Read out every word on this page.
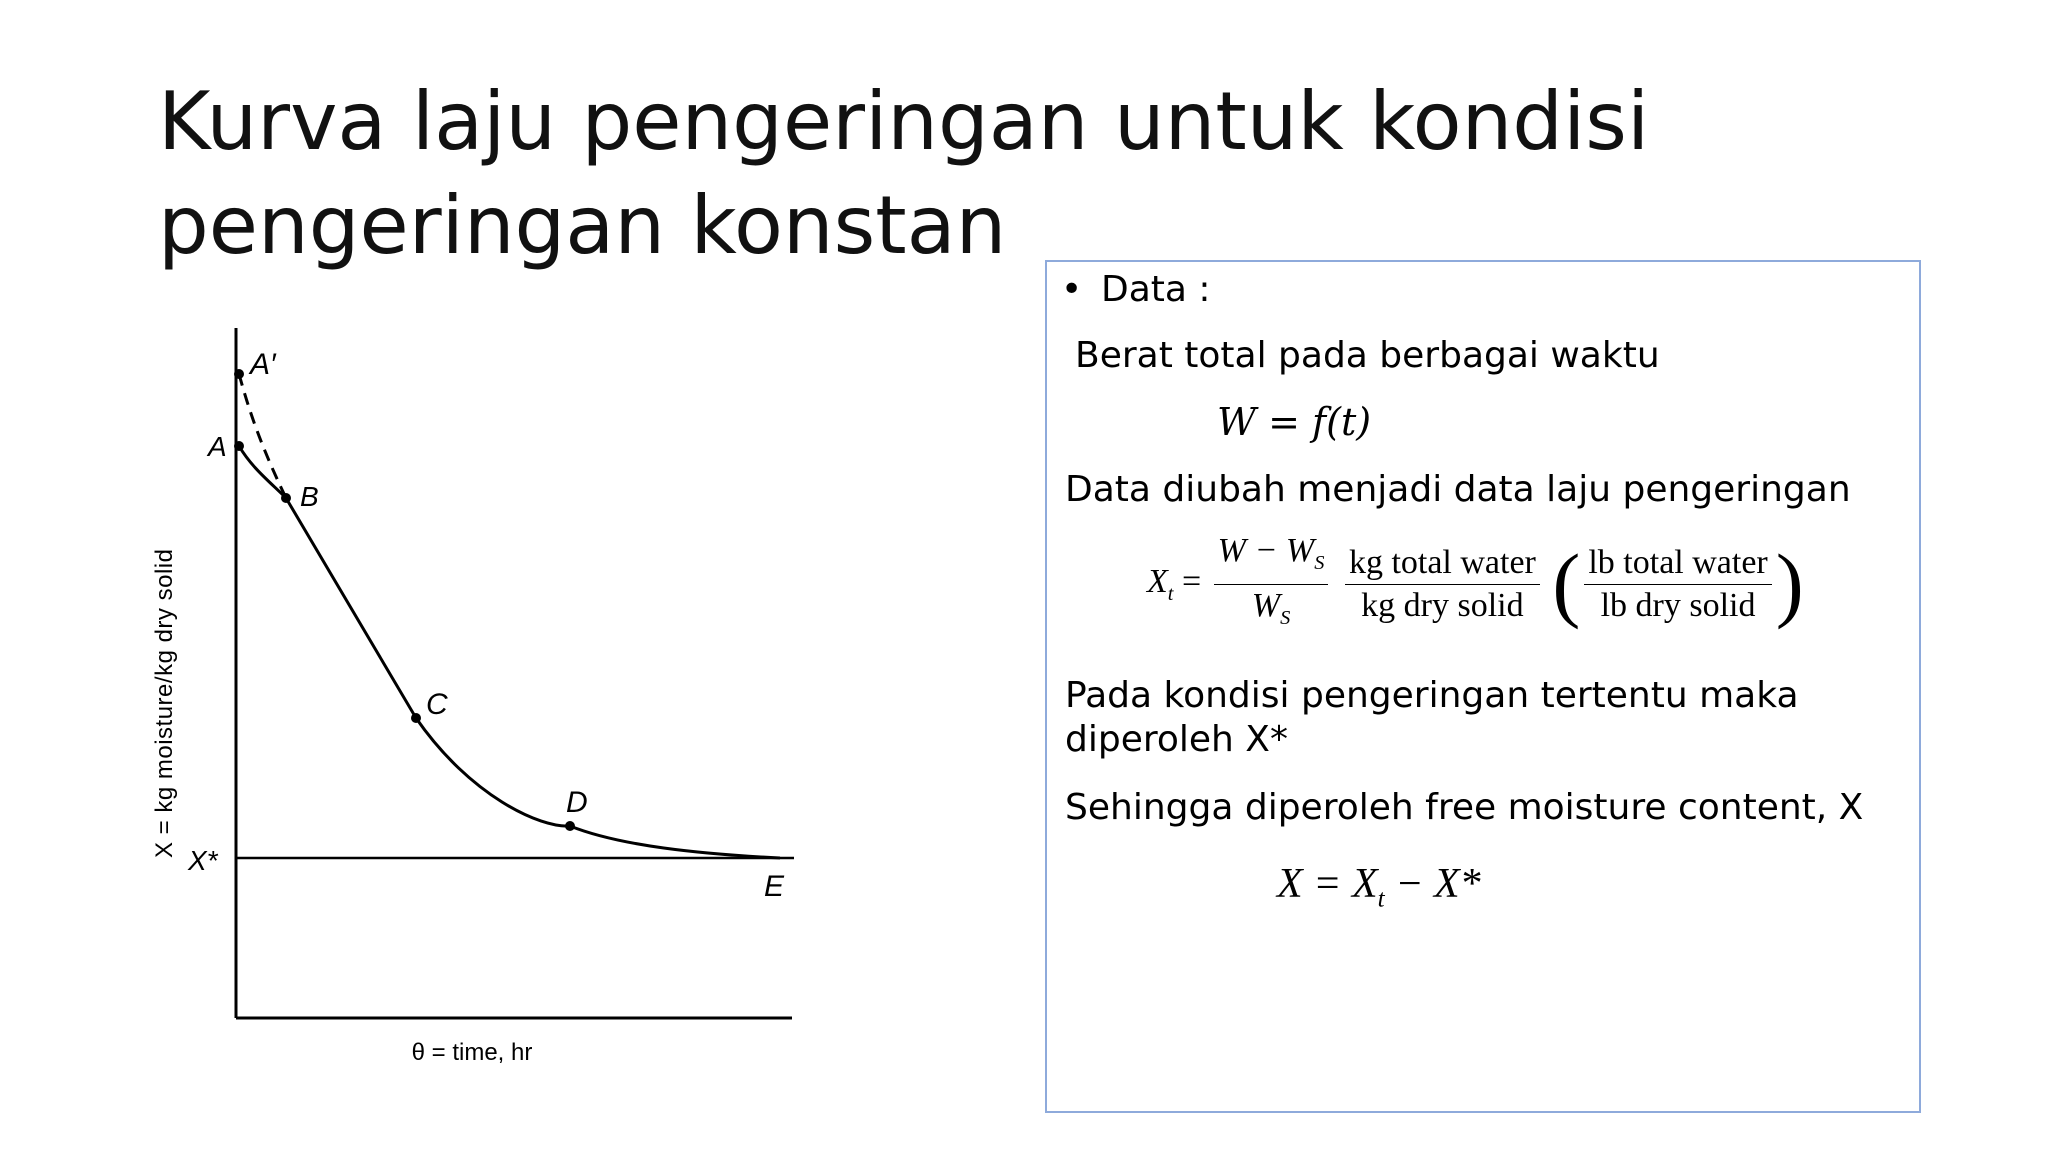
Kurva laju pengeringan untuk kondisi
pengeringan konstan
A′
A
B
C
D
E
X*
X = kg moisture/kg dry solid
θ = time, hr
• Data :
Berat total pada berbagai waktu
W = f(t)
Data diubah menjadi data laju pengeringan
$X_t = \frac{W - W_S}{W_S}$
$\frac{\text{kg total water}}{\text{kg dry solid}}$ ( $\frac{\text{lb total water}}{\text{lb dry solid}}$ )
Pada kondisi pengeringan tertentu maka
diperoleh X*
Sehingga diperoleh free moisture content, X
$X = X_t - X*$
